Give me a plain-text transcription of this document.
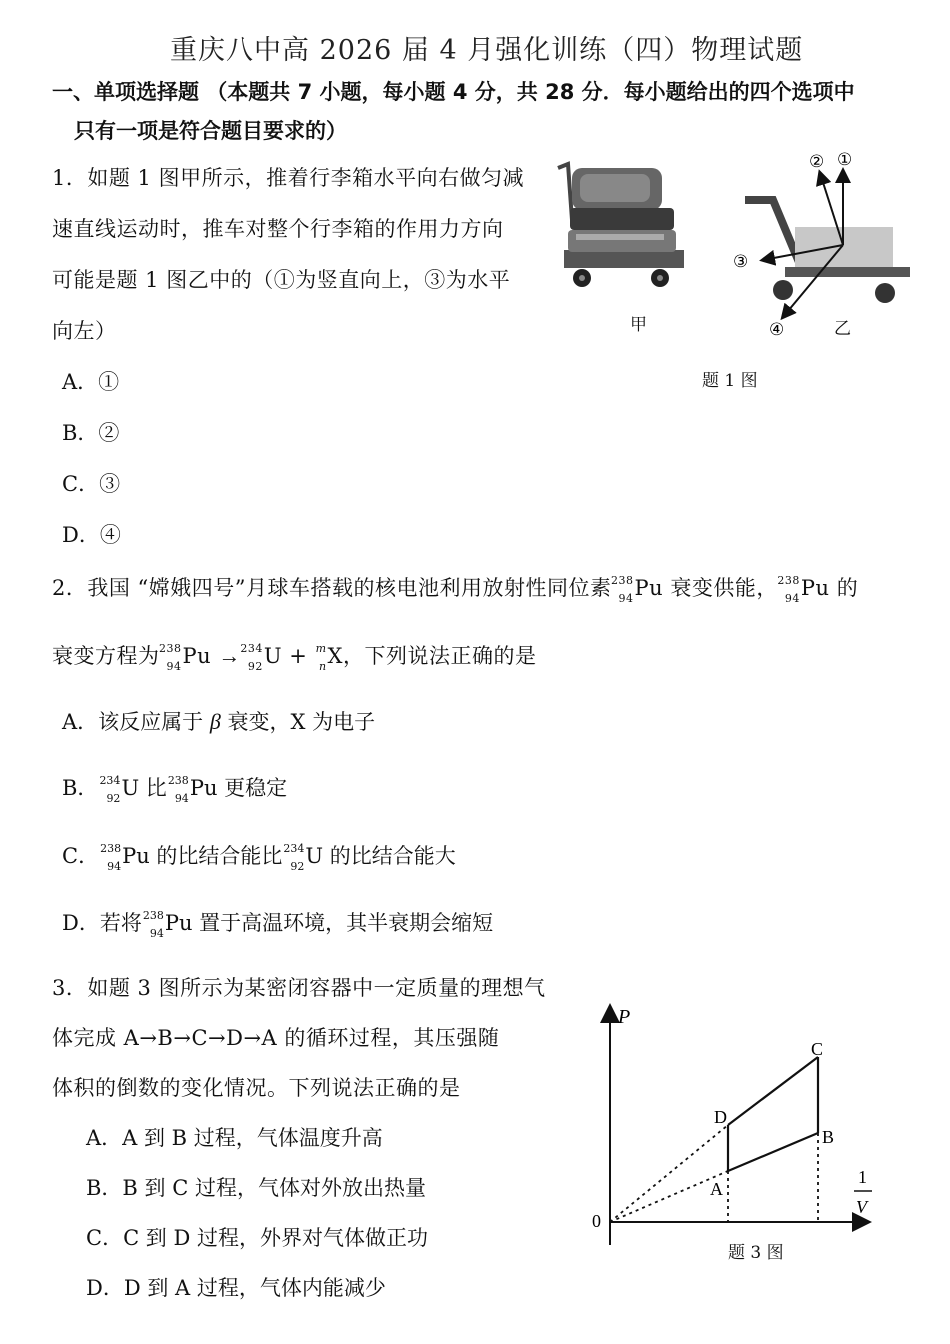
重庆八中高 2026 届 4 月强化训练（四）物理试题
一、单项选择题 （本题共 7 小题，每小题 4 分，共 28 分．每小题给出的四个选项中
只有一项是符合题目要求的）
1．如题 1 图甲所示，推着行李箱水平向右做匀减
速直线运动时，推车对整个行李箱的作用力方向
可能是题 1 图乙中的（①为竖直向上，③为水平
向左）
A．①
B．②
C．③
D．④
甲
①
②
③
④	乙
题 1 图
2．我国 “嫦娥四号”月球车搭载的核电池利用放射性同位素 238
94 Pu 衰变供能， 238
94 Pu 的
衰变方程为 238
94 Pu → 234
92 U + m
n X，下列说法正确的是
A．该反应属于 β 衰变，X 为电子
B． 234
92 U 比 238
94 Pu 更稳定
C． 238
94 Pu 的比结合能比 234
92 U 的比结合能大
D．若将 238
94 Pu 置于高温环境，其半衰期会缩短
3．如题 3 图所示为某密闭容器中一定质量的理想气
体完成 A→B→C→D→A 的循环过程，其压强随
体积的倒数的变化情况。下列说法正确的是
A．A 到 B 过程，气体温度升高
B．B 到 C 过程，气体对外放出热量
C．C 到 D 过程，外界对气体做正功
D．D 到 A 过程，气体内能减少
P
1
V
0
A
B
C
D
题 3 图
